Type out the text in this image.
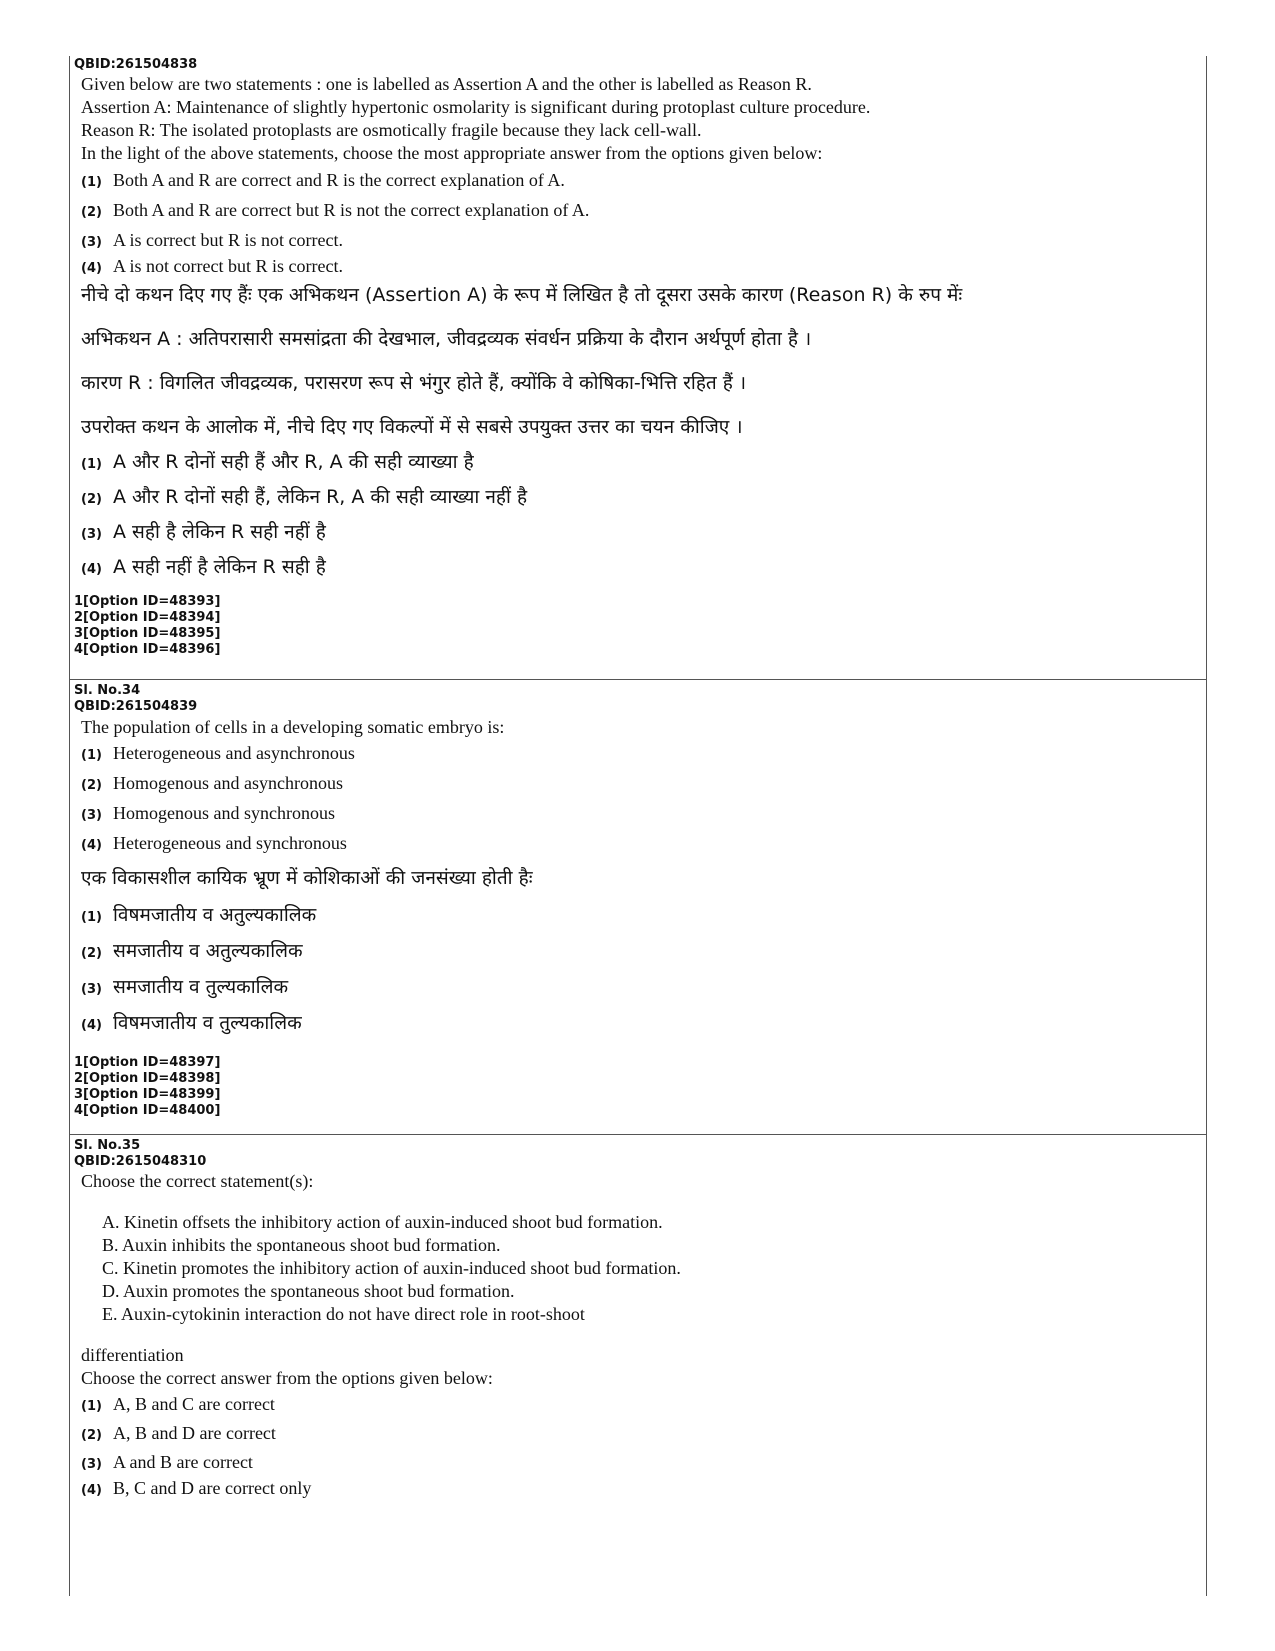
QBID:261504838
Given below are two statements : one is labelled as Assertion A and the other is labelled as Reason R.
Assertion A: Maintenance of slightly hypertonic osmolarity is significant during protoplast culture procedure.
Reason R: The isolated protoplasts are osmotically fragile because they lack cell-wall.
In the light of the above statements, choose the most appropriate answer from the options given below:
(1) Both A and R are correct and R is the correct explanation of A.
(2) Both A and R are correct but R is not the correct explanation of A.
(3) A is correct but R is not correct.
(4) A is not correct but R is correct.
नीचे दो कथन दिए गए हैंः एक अभिकथन (Assertion A) के रूप में लिखित है तो दूसरा उसके कारण (Reason R) के रुप मेंः
अभिकथन A : अतिपरासारी समसांद्रता की देखभाल, जीवद्रव्यक संवर्धन प्रक्रिया के दौरान अर्थपूर्ण होता है ।
कारण R : विगलित जीवद्रव्यक, परासरण रूप से भंगुर होते हैं, क्योंकि वे कोषिका-भित्ति रहित हैं ।
उपरोक्त कथन के आलोक में, नीचे दिए गए विकल्पों में से सबसे उपयुक्त उत्तर का चयन कीजिए ।
(1) A और R दोनों सही हैं और R, A की सही व्याख्या है
(2) A और R दोनों सही हैं, लेकिन R, A की सही व्याख्या नहीं है
(3) A सही है लेकिन R सही नहीं है
(4) A सही नहीं है लेकिन R सही है
1[Option ID=48393]
2[Option ID=48394]
3[Option ID=48395]
4[Option ID=48396]
Sl. No.34
QBID:261504839
The population of cells in a developing somatic embryo is:
(1) Heterogeneous and asynchronous
(2) Homogenous and asynchronous
(3) Homogenous and synchronous
(4) Heterogeneous and synchronous
एक विकासशील कायिक भ्रूण में कोशिकाओं की जनसंख्या होती हैः
(1) विषमजातीय व अतुल्यकालिक
(2) समजातीय व अतुल्यकालिक
(3) समजातीय व तुल्यकालिक
(4) विषमजातीय व तुल्यकालिक
1[Option ID=48397]
2[Option ID=48398]
3[Option ID=48399]
4[Option ID=48400]
Sl. No.35
QBID:2615048310
Choose the correct statement(s):
A. Kinetin offsets the inhibitory action of auxin-induced shoot bud formation.
B. Auxin inhibits the spontaneous shoot bud formation.
C. Kinetin promotes the inhibitory action of auxin-induced shoot bud formation.
D. Auxin promotes the spontaneous shoot bud formation.
E. Auxin-cytokinin interaction do not have direct role in root-shoot
differentiation
Choose the correct answer from the options given below:
(1) A, B and C are correct
(2) A, B and D are correct
(3) A and B are correct
(4) B, C and D are correct only
